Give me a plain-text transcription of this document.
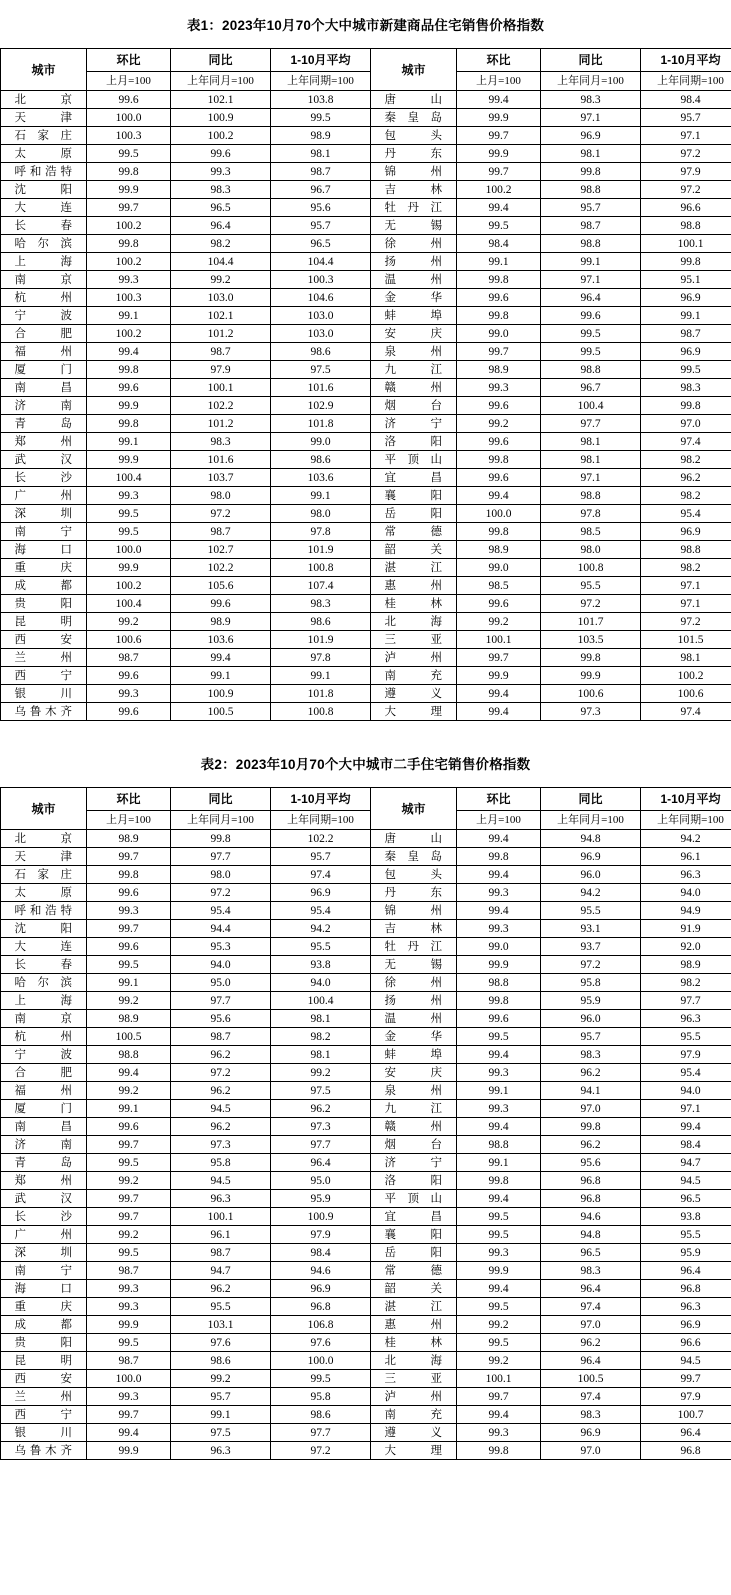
表1：2023年10月70个大中城市新建商品住宅销售价格指数
城市	环比	同比	1-10月平均	城市	环比	同比	1-10月平均
	上月=100	上年同月=100	上年同期=100		上月=100	上年同月=100	上年同期=100
北京	99.6	102.1	103.8	唐山	99.4	98.3	98.4
天津	100.0	100.9	99.5	秦皇岛	99.9	97.1	95.7
石家庄	100.3	100.2	98.9	包头	99.7	96.9	97.1
太原	99.5	99.6	98.1	丹东	99.9	98.1	97.2
呼和浩特	99.8	99.3	98.7	锦州	99.7	99.8	97.9
沈阳	99.9	98.3	96.7	吉林	100.2	98.8	97.2
大连	99.7	96.5	95.6	牡丹江	99.4	95.7	96.6
长春	100.2	96.4	95.7	无锡	99.5	98.7	98.8
哈尔滨	99.8	98.2	96.5	徐州	98.4	98.8	100.1
上海	100.2	104.4	104.4	扬州	99.1	99.1	99.8
南京	99.3	99.2	100.3	温州	99.8	97.1	95.1
杭州	100.3	103.0	104.6	金华	99.6	96.4	96.9
宁波	99.1	102.1	103.0	蚌埠	99.8	99.6	99.1
合肥	100.2	101.2	103.0	安庆	99.0	99.5	98.7
福州	99.4	98.7	98.6	泉州	99.7	99.5	96.9
厦门	99.8	97.9	97.5	九江	98.9	98.8	99.5
南昌	99.6	100.1	101.6	赣州	99.3	96.7	98.3
济南	99.9	102.2	102.9	烟台	99.6	100.4	99.8
青岛	99.8	101.2	101.8	济宁	99.2	97.7	97.0
郑州	99.1	98.3	99.0	洛阳	99.6	98.1	97.4
武汉	99.9	101.6	98.6	平顶山	99.8	98.1	98.2
长沙	100.4	103.7	103.6	宜昌	99.6	97.1	96.2
广州	99.3	98.0	99.1	襄阳	99.4	98.8	98.2
深圳	99.5	97.2	98.0	岳阳	100.0	97.8	95.4
南宁	99.5	98.7	97.8	常德	99.8	98.5	96.9
海口	100.0	102.7	101.9	韶关	98.9	98.0	98.8
重庆	99.9	102.2	100.8	湛江	99.0	100.8	98.2
成都	100.2	105.6	107.4	惠州	98.5	95.5	97.1
贵阳	100.4	99.6	98.3	桂林	99.6	97.2	97.1
昆明	99.2	98.9	98.6	北海	99.2	101.7	97.2
西安	100.6	103.6	101.9	三亚	100.1	103.5	101.5
兰州	98.7	99.4	97.8	泸州	99.7	99.8	98.1
西宁	99.6	99.1	99.1	南充	99.9	99.9	100.2
银川	99.3	100.9	101.8	遵义	99.4	100.6	100.6
乌鲁木齐	99.6	100.5	100.8	大理	99.4	97.3	97.4
表2：2023年10月70个大中城市二手住宅销售价格指数
城市	环比	同比	1-10月平均	城市	环比	同比	1-10月平均
	上月=100	上年同月=100	上年同期=100		上月=100	上年同月=100	上年同期=100
北京	98.9	99.8	102.2	唐山	99.4	94.8	94.2
天津	99.7	97.7	95.7	秦皇岛	99.8	96.9	96.1
石家庄	99.8	98.0	97.4	包头	99.4	96.0	96.3
太原	99.6	97.2	96.9	丹东	99.3	94.2	94.0
呼和浩特	99.3	95.4	95.4	锦州	99.4	95.5	94.9
沈阳	99.7	94.4	94.2	吉林	99.3	93.1	91.9
大连	99.6	95.3	95.5	牡丹江	99.0	93.7	92.0
长春	99.5	94.0	93.8	无锡	99.9	97.2	98.9
哈尔滨	99.1	95.0	94.0	徐州	98.8	95.8	98.2
上海	99.2	97.7	100.4	扬州	99.8	95.9	97.7
南京	98.9	95.6	98.1	温州	99.6	96.0	96.3
杭州	100.5	98.7	98.2	金华	99.5	95.7	95.5
宁波	98.8	96.2	98.1	蚌埠	99.4	98.3	97.9
合肥	99.4	97.2	99.2	安庆	99.3	96.2	95.4
福州	99.2	96.2	97.5	泉州	99.1	94.1	94.0
厦门	99.1	94.5	96.2	九江	99.3	97.0	97.1
南昌	99.6	96.2	97.3	赣州	99.4	99.8	99.4
济南	99.7	97.3	97.7	烟台	98.8	96.2	98.4
青岛	99.5	95.8	96.4	济宁	99.1	95.6	94.7
郑州	99.2	94.5	95.0	洛阳	99.8	96.8	94.5
武汉	99.7	96.3	95.9	平顶山	99.4	96.8	96.5
长沙	99.7	100.1	100.9	宜昌	99.5	94.6	93.8
广州	99.2	96.1	97.9	襄阳	99.5	94.8	95.5
深圳	99.5	98.7	98.4	岳阳	99.3	96.5	95.9
南宁	98.7	94.7	94.6	常德	99.9	98.3	96.4
海口	99.3	96.2	96.9	韶关	99.4	96.4	96.8
重庆	99.3	95.5	96.8	湛江	99.5	97.4	96.3
成都	99.9	103.1	106.8	惠州	99.2	97.0	96.9
贵阳	99.5	97.6	97.6	桂林	99.5	96.2	96.6
昆明	98.7	98.6	100.0	北海	99.2	96.4	94.5
西安	100.0	99.2	99.5	三亚	100.1	100.5	99.7
兰州	99.3	95.7	95.8	泸州	99.7	97.4	97.9
西宁	99.7	99.1	98.6	南充	99.4	98.3	100.7
银川	99.4	97.5	97.7	遵义	99.3	96.9	96.4
乌鲁木齐	99.9	96.3	97.2	大理	99.8	97.0	96.8
